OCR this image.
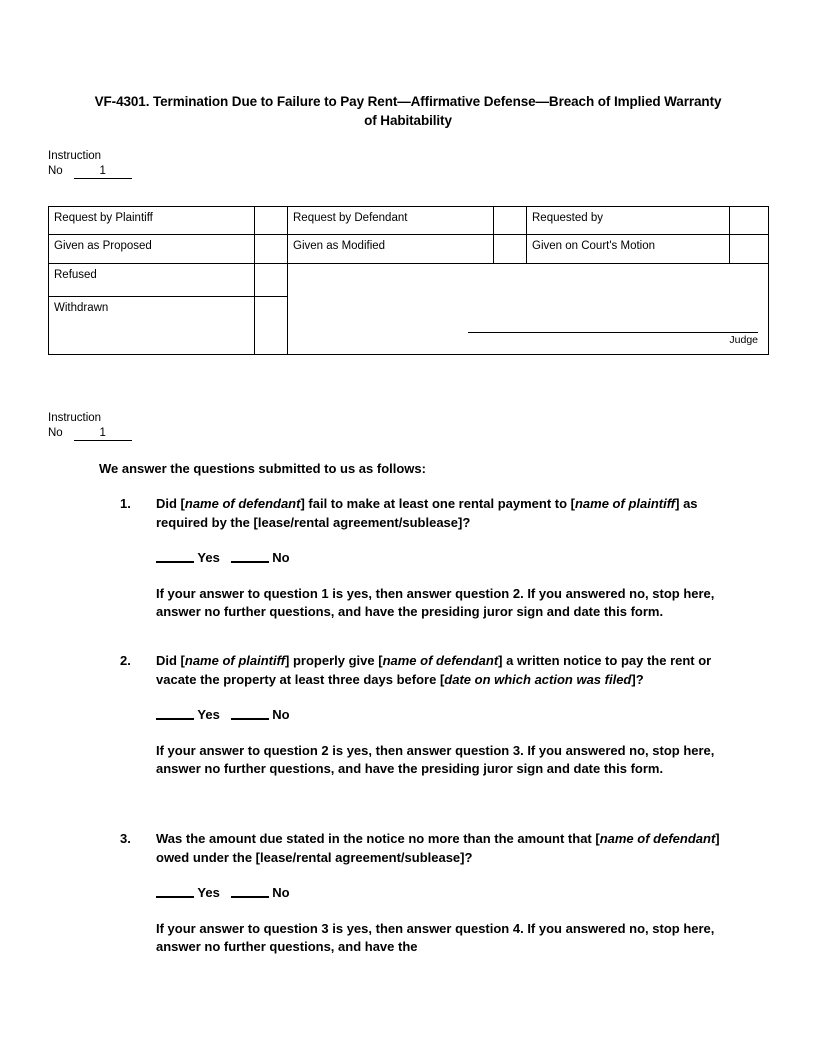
VF-4301. Termination Due to Failure to Pay Rent—Affirmative Defense—Breach of Implied Warranty of Habitability
Instruction
No	1
Request by Plaintiff		Request by Defendant		Requested by	
Given as Proposed		Given as Modified		Given on Court's Motion	
Refused		Judge			

Withdrawn					
Instruction
No	1
We answer the questions submitted to us as follows:
1.	Did [name of defendant] fail to make at least one rental payment to [name of plaintiff] as required by the [lease/rental agreement/sublease]?
Yes	No
If your answer to question 1 is yes, then answer question 2. If you answered no, stop here, answer no further questions, and have the presiding juror sign and date this form.
2.	Did [name of plaintiff] properly give [name of defendant] a written notice to pay the rent or vacate the property at least three days before [date on which action was filed]?
Yes	No
If your answer to question 2 is yes, then answer question 3. If you answered no, stop here, answer no further questions, and have the presiding juror sign and date this form.
3.	Was the amount due stated in the notice no more than the amount that [name of defendant] owed under the [lease/rental agreement/sublease]?
Yes	No
If your answer to question 3 is yes, then answer question 4. If you answered no, stop here, answer no further questions, and have the
